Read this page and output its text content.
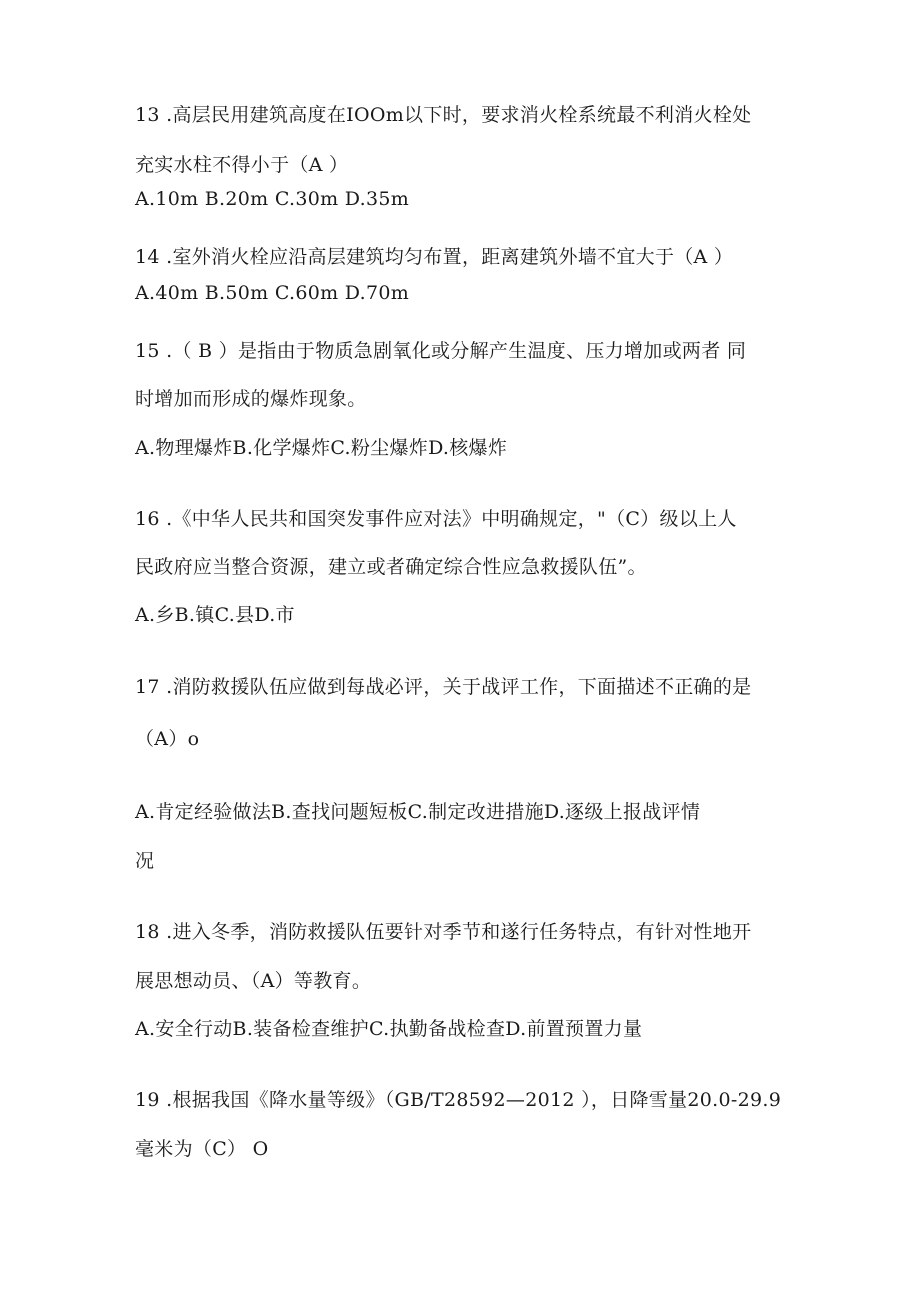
13 .高层民用建筑高度在IOOm以下时，要求消火栓系统最不利消火栓处

充实水柱不得小于（A ）

A.10m B.20m C.30m D.35m

14 .室外消火栓应沿高层建筑均匀布置，距离建筑外墙不宜大于（A ）

A.40m B.50m C.60m D.70m

15 .（ B ）是指由于物质急剧氧化或分解产生温度、压力增加或两者 同

时增加而形成的爆炸现象。

A.物理爆炸B.化学爆炸C.粉尘爆炸D.核爆炸

16 .《中华人民共和国突发事件应对法》中明确规定，"（C）级以上人

民政府应当整合资源，建立或者确定综合性应急救援队伍”。

A.乡B.镇C.县D.市

17 .消防救援队伍应做到每战必评，关于战评工作，下面描述不正确的是

（A）o

A.肯定经验做法B.查找问题短板C.制定改进措施D.逐级上报战评情

况

18 .进入冬季，消防救援队伍要针对季节和遂行任务特点，有针对性地开

展思想动员、（A）等教育。

A.安全行动B.装备检查维护C.执勤备战检查D.前置预置力量

19 .根据我国《降水量等级》（GB/T28592—2012 ），日降雪量20.0-29.9

毫米为（C） O
